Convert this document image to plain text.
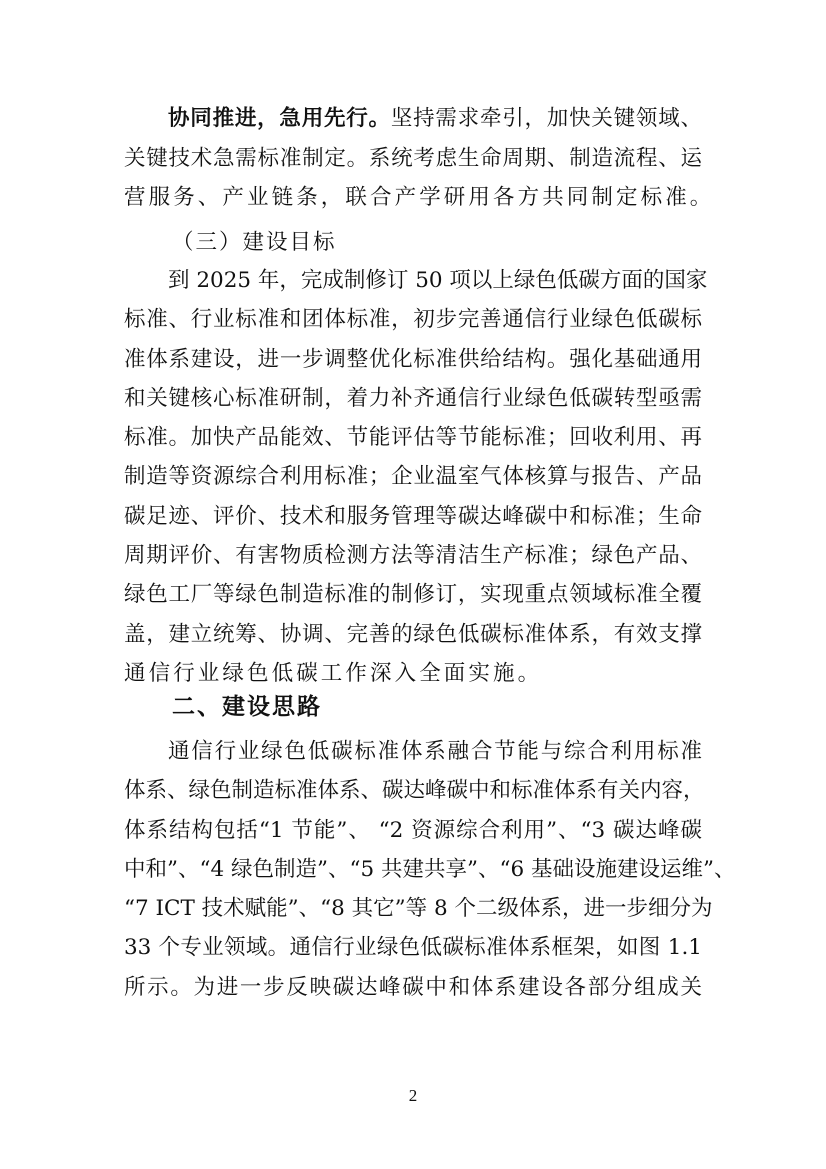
协同推进，急用先行。坚持需求牵引，加快关键领域、
关键技术急需标准制定。系统考虑生命周期、制造流程、运
营服务、产业链条，联合产学研用各方共同制定标准。
（三）建设目标
到 2025 年，完成制修订 50 项以上绿色低碳方面的国家
标准、行业标准和团体标准，初步完善通信行业绿色低碳标
准体系建设，进一步调整优化标准供给结构。强化基础通用
和关键核心标准研制，着力补齐通信行业绿色低碳转型亟需
标准。加快产品能效、节能评估等节能标准；回收利用、再
制造等资源综合利用标准；企业温室气体核算与报告、产品
碳足迹、评价、技术和服务管理等碳达峰碳中和标准；生命
周期评价、有害物质检测方法等清洁生产标准；绿色产品、
绿色工厂等绿色制造标准的制修订，实现重点领域标准全覆
盖，建立统筹、协调、完善的绿色低碳标准体系，有效支撑
通信行业绿色低碳工作深入全面实施。
二、建设思路
通信行业绿色低碳标准体系融合节能与综合利用标准
体系、绿色制造标准体系、碳达峰碳中和标准体系有关内容，
体系结构包括“1 节能”、 “2 资源综合利用”、“3 碳达峰碳
中和”、“4 绿色制造”、“5 共建共享”、“6 基础设施建设运维”、
“7 ICT 技术赋能”、“8 其它”等 8 个二级体系，进一步细分为
33 个专业领域。通信行业绿色低碳标准体系框架，如图 1.1
所示。为进一步反映碳达峰碳中和体系建设各部分组成关
2
